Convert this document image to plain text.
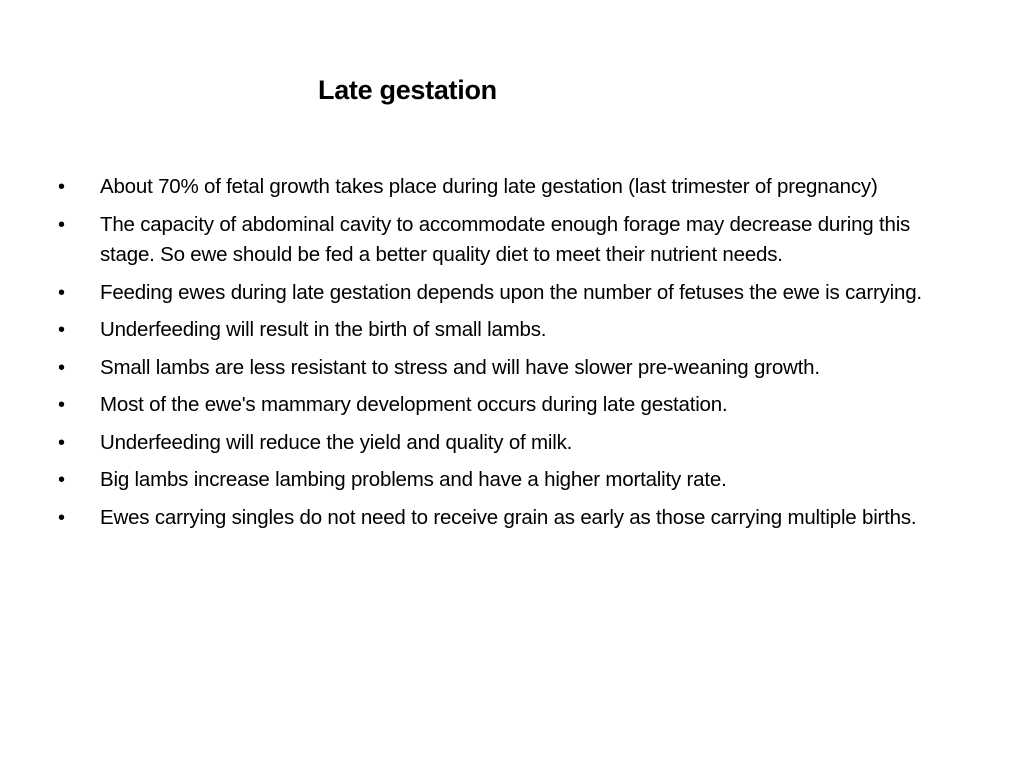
Late gestation
•	About 70% of fetal growth takes place during late gestation (last trimester of pregnancy)
•	The capacity of abdominal cavity to accommodate enough forage may decrease during this stage. So ewe should be fed a better quality diet to meet their nutrient needs.
•	Feeding ewes during late gestation depends upon the number of fetuses the ewe is carrying.
•	Underfeeding will result in the birth of small lambs.
•	Small lambs are less resistant to stress and will have slower pre-weaning growth.
•	Most of the ewe's mammary development occurs during late gestation.
•	Underfeeding will reduce the yield and quality of milk.
•	Big lambs increase lambing problems and have a higher mortality rate.
•	Ewes carrying singles do not need to receive grain as early as those carrying multiple births.
